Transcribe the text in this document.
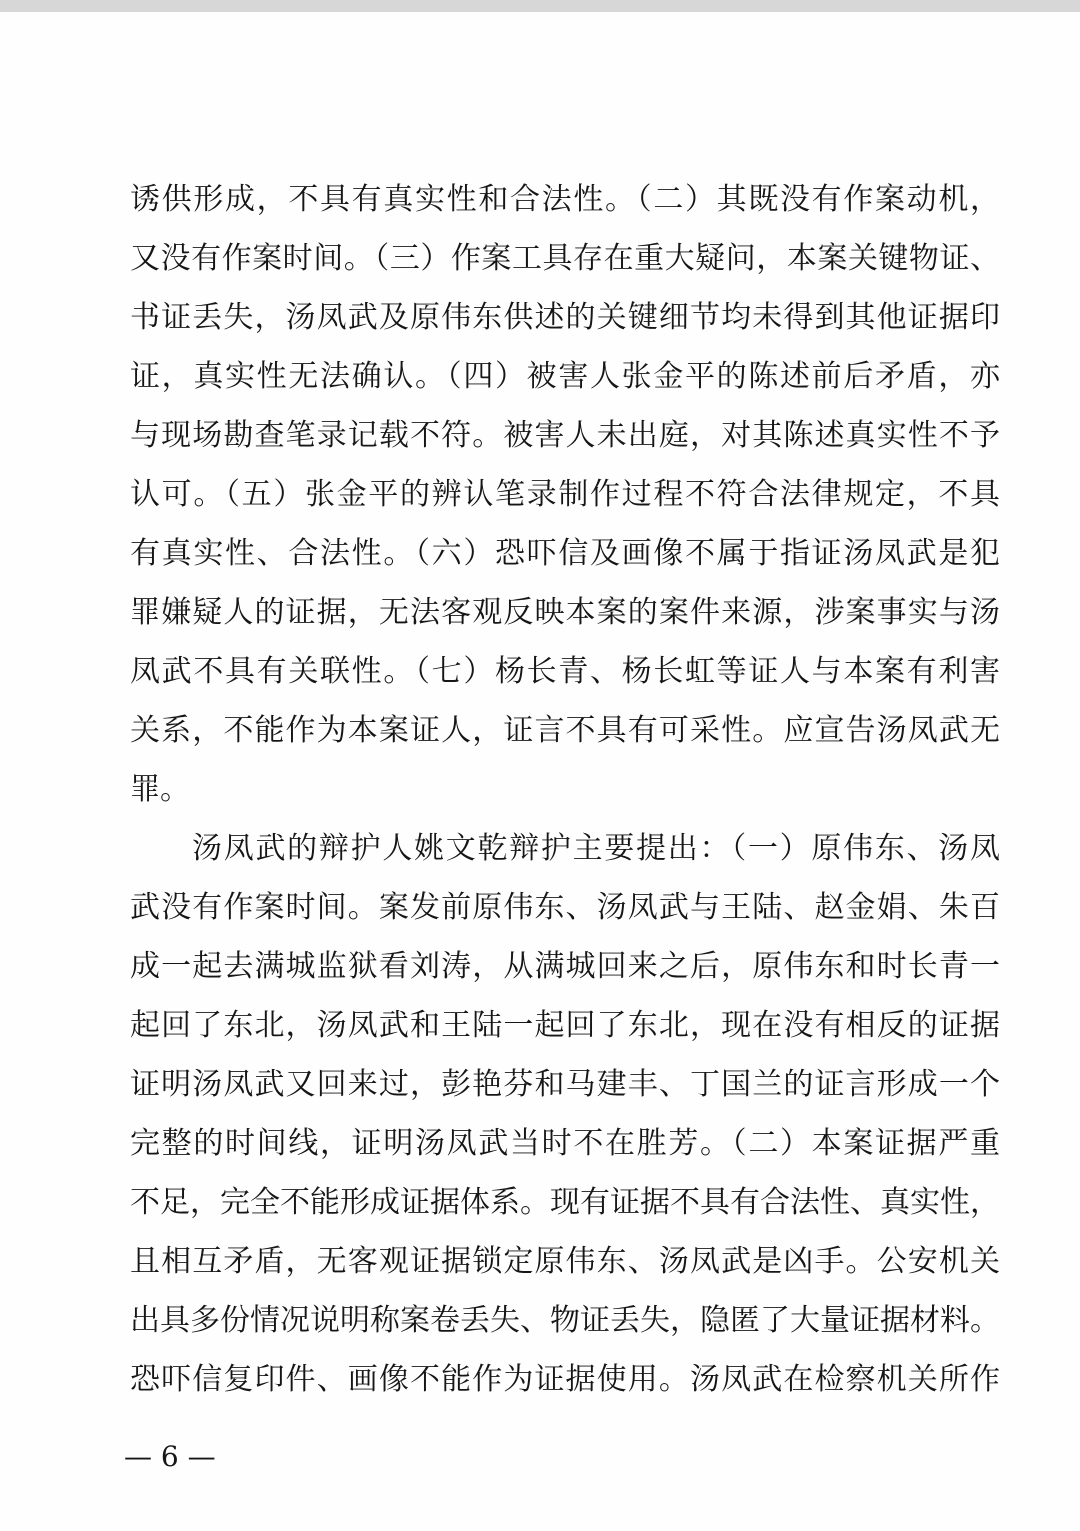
诱供形成，不具有真实性和合法性。（二）其既没有作案动机，
又没有作案时间。（三）作案工具存在重大疑问，本案关键物证、
书证丢失，汤凤武及原伟东供述的关键细节均未得到其他证据印
证，真实性无法确认。（四）被害人张金平的陈述前后矛盾，亦
与现场勘查笔录记载不符。被害人未出庭，对其陈述真实性不予
认可。（五）张金平的辨认笔录制作过程不符合法律规定，不具
有真实性、合法性。（六）恐吓信及画像不属于指证汤凤武是犯
罪嫌疑人的证据，无法客观反映本案的案件来源，涉案事实与汤
凤武不具有关联性。（七）杨长青、杨长虹等证人与本案有利害
关系，不能作为本案证人，证言不具有可采性。应宣告汤凤武无
罪。
汤凤武的辩护人姚文乾辩护主要提出：（一）原伟东、汤凤
武没有作案时间。案发前原伟东、汤凤武与王陆、赵金娟、朱百
成一起去满城监狱看刘涛，从满城回来之后，原伟东和时长青一
起回了东北，汤凤武和王陆一起回了东北，现在没有相反的证据
证明汤凤武又回来过，彭艳芬和马建丰、丁国兰的证言形成一个
完整的时间线，证明汤凤武当时不在胜芳。（二）本案证据严重
不足，完全不能形成证据体系。现有证据不具有合法性、真实性，
且相互矛盾，无客观证据锁定原伟东、汤凤武是凶手。公安机关
出具多份情况说明称案卷丢失、物证丢失，隐匿了大量证据材料。
恐吓信复印件、画像不能作为证据使用。汤凤武在检察机关所作
— 6 —
